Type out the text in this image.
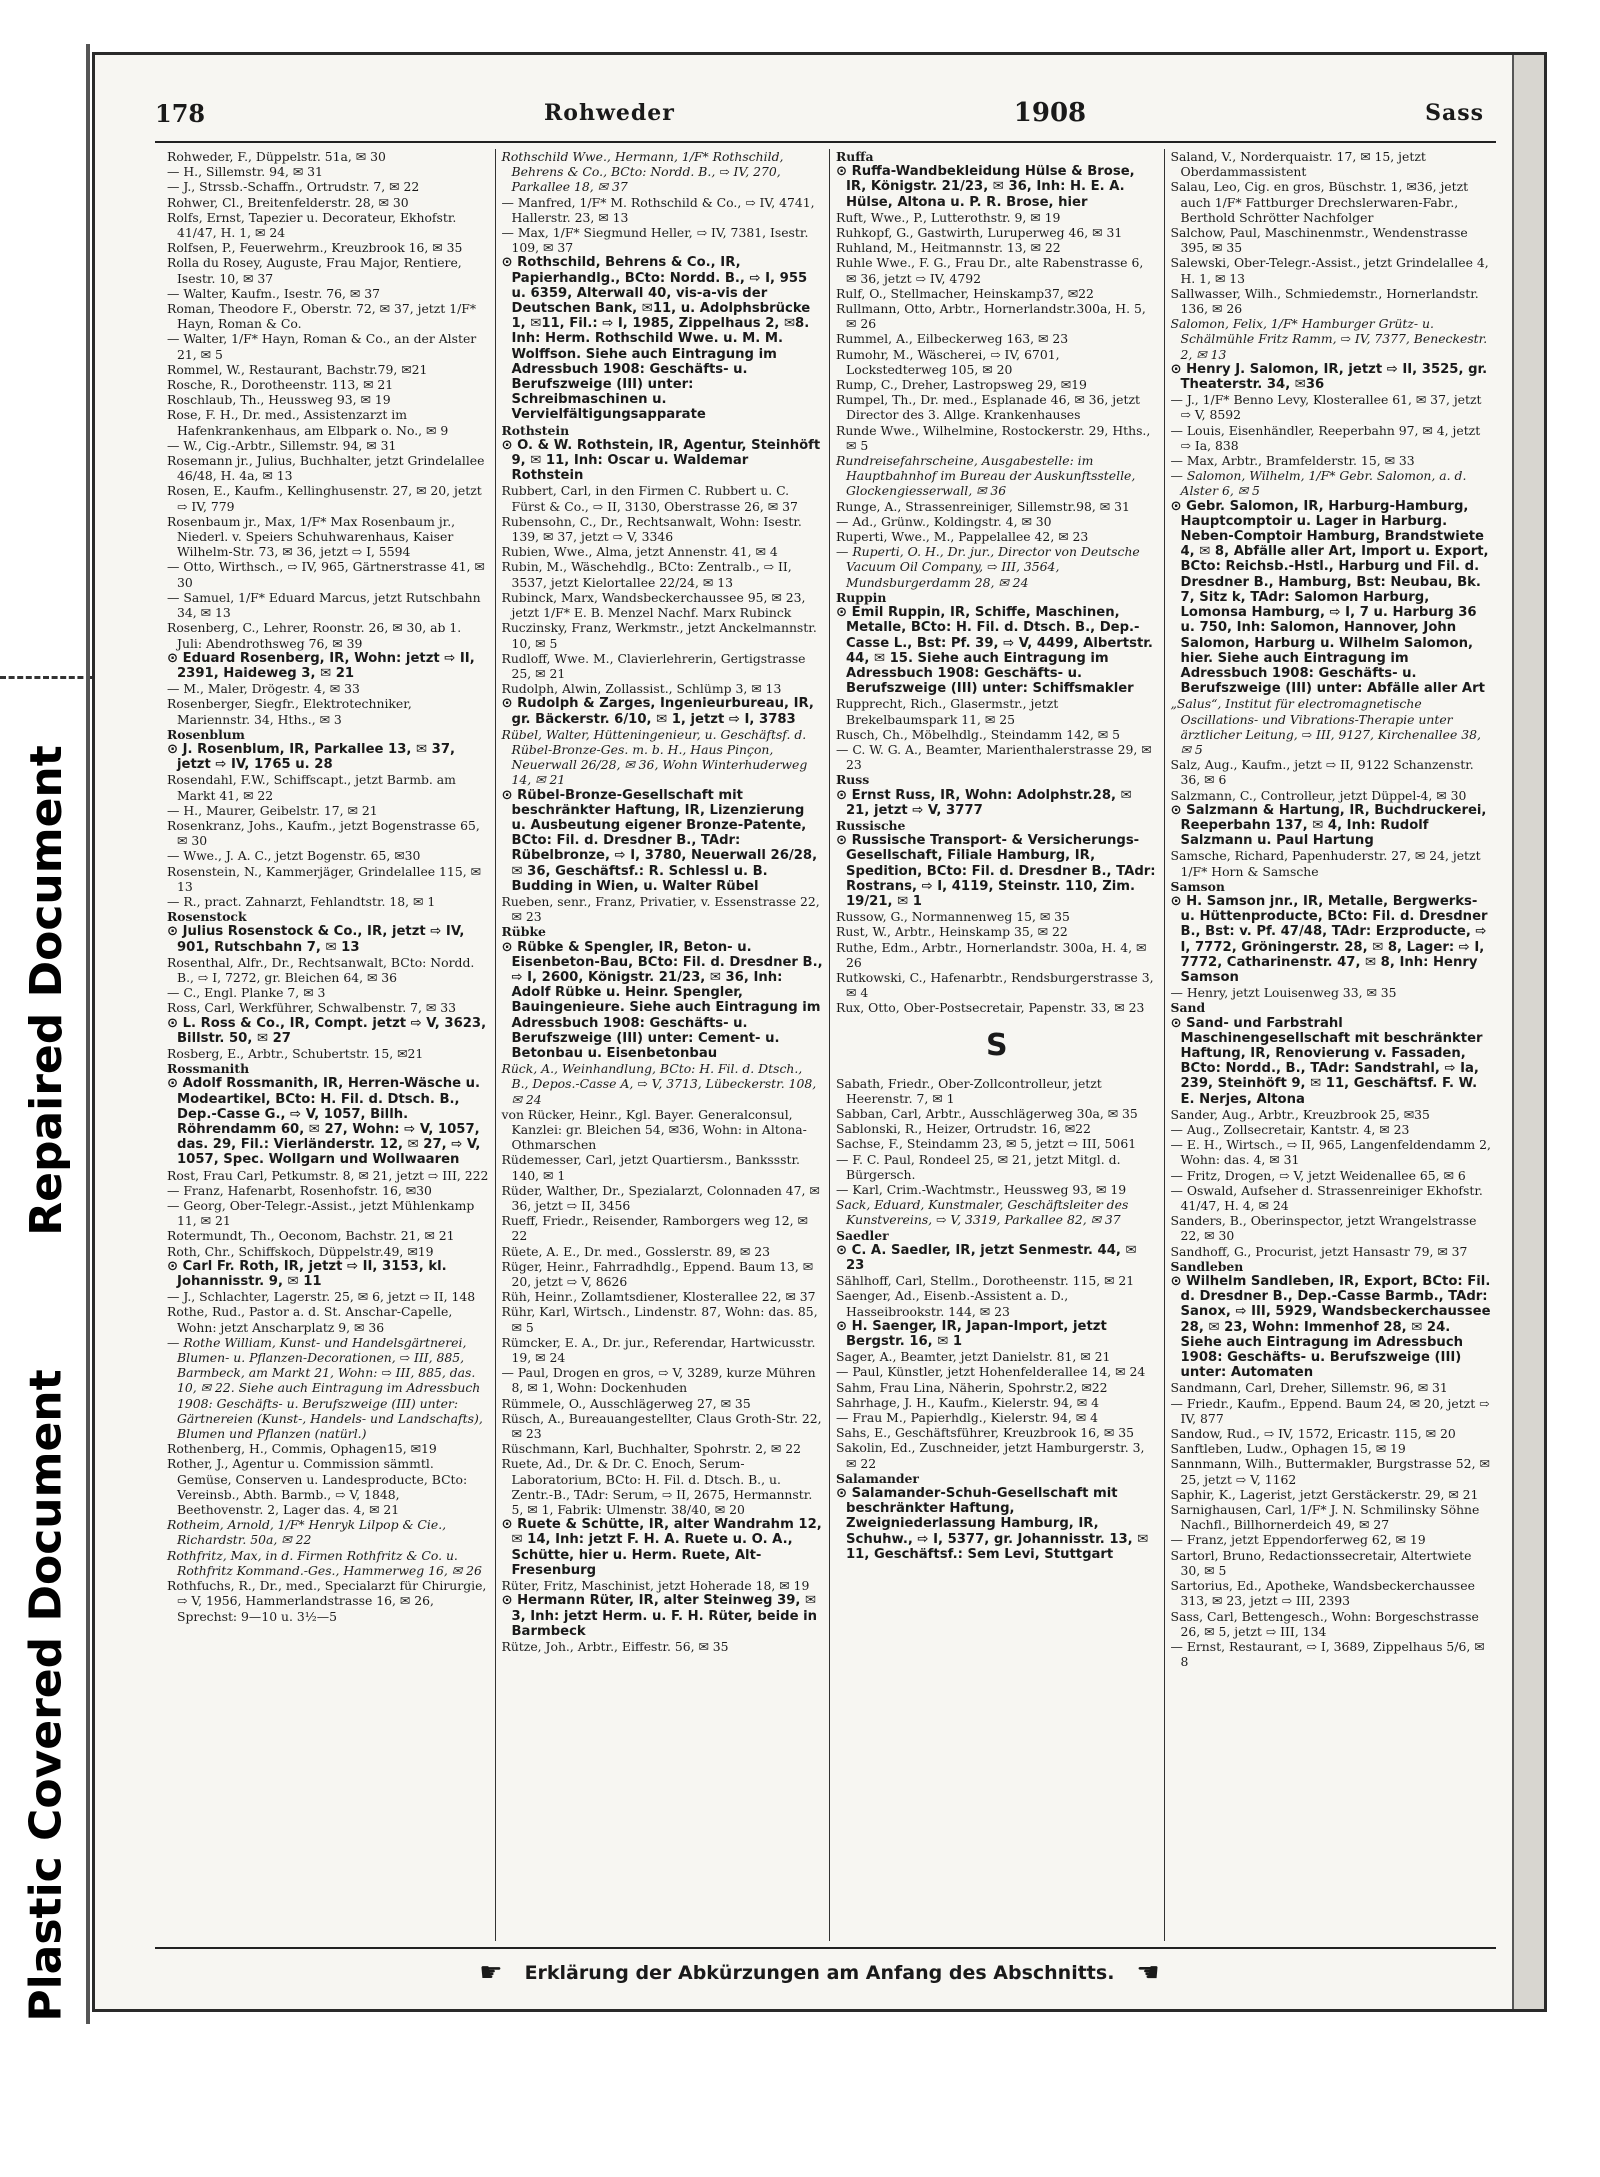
Repaired Document
Plastic Covered Document
178	Rohweder	1908	Sass

Rohweder, F., Düppelstr. 51a, ✉ 30

— H., Sillemstr. 94, ✉ 31

— J., Strssb.-Schaffn., Ortrudstr. 7, ✉ 22

Rohwer, Cl., Breitenfelderstr. 28, ✉ 30

Rolfs, Ernst, Tapezier u. Decorateur, Ekhofstr. 41/47, H. 1, ✉ 24

Rolfsen, P., Feuerwehrm., Kreuzbrook 16, ✉ 35

Rolla du Rosey, Auguste, Frau Major, Rentiere, Isestr. 10, ✉ 37

— Walter, Kaufm., Isestr. 76, ✉ 37

Roman, Theodore F., Oberstr. 72, ✉ 37, jetzt 1/F* Hayn, Roman & Co.

— Walter, 1/F* Hayn, Roman & Co., an der Alster 21, ✉ 5

Rommel, W., Restaurant, Bachstr.79, ✉21

Rosche, R., Dorotheenstr. 113, ✉ 21

Roschlaub, Th., Heussweg 93, ✉ 19

Rose, F. H., Dr. med., Assistenzarzt im Hafenkrankenhaus, am Elbpark o. No., ✉ 9

— W., Cig.-Arbtr., Sillemstr. 94, ✉ 31

Rosemann jr., Julius, Buchhalter, jetzt Grindelallee 46/48, H. 4a, ✉ 13

Rosen, E., Kaufm., Kellinghusenstr. 27, ✉ 20, jetzt ⇨ IV, 779

Rosenbaum jr., Max, 1/F* Max Rosenbaum jr., Niederl. v. Speiers Schuhwarenhaus, Kaiser Wilhelm-Str. 73, ✉ 36, jetzt ⇨ I, 5594

— Otto, Wirthsch., ⇨ IV, 965, Gärtnerstrasse 41, ✉ 30

— Samuel, 1/F* Eduard Marcus, jetzt Rutschbahn 34, ✉ 13

Rosenberg, C., Lehrer, Roonstr. 26, ✉ 30, ab 1. Juli: Abendrothsweg 76, ✉ 39

⊙ Eduard Rosenberg, IR, Wohn: jetzt ⇨ II, 2391, Haideweg 3, ✉ 21

— M., Maler, Drögestr. 4, ✉ 33

Rosenberger, Siegfr., Elektrotechniker, Mariennstr. 34, Hths., ✉ 3

Rosenblum

⊙ J. Rosenblum, IR, Parkallee 13, ✉ 37, jetzt ⇨ IV, 1765 u. 28

Rosendahl, F.W., Schiffscapt., jetzt Barmb. am Markt 41, ✉ 22

— H., Maurer, Geibelstr. 17, ✉ 21

Rosenkranz, Johs., Kaufm., jetzt Bogenstrasse 65, ✉ 30

— Wwe., J. A. C., jetzt Bogenstr. 65, ✉30

Rosenstein, N., Kammerjäger, Grindelallee 115, ✉ 13

— R., pract. Zahnarzt, Fehlandtstr. 18, ✉ 1

Rosenstock

⊙ Julius Rosenstock & Co., IR, jetzt ⇨ IV, 901, Rutschbahn 7, ✉ 13

Rosenthal, Alfr., Dr., Rechtsanwalt, BCto: Nordd. B., ⇨ I, 7272, gr. Bleichen 64, ✉ 36

— C., Engl. Planke 7, ✉ 3

Ross, Carl, Werkführer, Schwalbenstr. 7, ✉ 33

⊙ L. Ross & Co., IR, Compt. jetzt ⇨ V, 3623, Billstr. 50, ✉ 27

Rosberg, E., Arbtr., Schubertstr. 15, ✉21

Rossmanith

⊙ Adolf Rossmanith, IR, Herren-Wäsche u. Modeartikel, BCto: H. Fil. d. Dtsch. B., Dep.-Casse G., ⇨ V, 1057, Billh. Röhrendamm 60, ✉ 27, Wohn: ⇨ V, 1057, das. 29, Fil.: Vierländerstr. 12, ✉ 27, ⇨ V, 1057, Spec. Wollgarn und Wollwaaren

Rost, Frau Carl, Petkumstr. 8, ✉ 21, jetzt ⇨ III, 222

— Franz, Hafenarbt, Rosenhofstr. 16, ✉30

— Georg, Ober-Telegr.-Assist., jetzt Mühlenkamp 11, ✉ 21

Rotermundt, Th., Oeconom, Bachstr. 21, ✉ 21

Roth, Chr., Schiffskoch, Düppelstr.49, ✉19

⊙ Carl Fr. Roth, IR, jetzt ⇨ II, 3153, kl. Johannisstr. 9, ✉ 11

— J., Schlachter, Lagerstr. 25, ✉ 6, jetzt ⇨ II, 148

Rothe, Rud., Pastor a. d. St. Anschar-Capelle, Wohn: jetzt Anscharplatz 9, ✉ 36

— Rothe William, Kunst- und Handelsgärtnerei, Blumen- u. Pflanzen-Decorationen, ⇨ III, 885, Barmbeck, am Markt 21, Wohn: ⇨ III, 885, das. 10, ✉ 22. Siehe auch Eintragung im Adressbuch 1908: Geschäfts- u. Berufszweige (III) unter: Gärtnereien (Kunst-, Handels- und Landschafts), Blumen und Pflanzen (natürl.)

Rothenberg, H., Commis, Ophagen15, ✉19

Rother, J., Agentur u. Commission sämmtl. Gemüse, Conserven u. Landesproducte, BCto: Vereinsb., Abth. Barmb., ⇨ V, 1848, Beethovenstr. 2, Lager das. 4, ✉ 21

Rotheim, Arnold, 1/F* Henryk Lilpop & Cie., Richardstr. 50a, ✉ 22

Rothfritz, Max, in d. Firmen Rothfritz & Co. u. Rothfritz Kommand.-Ges., Hammerweg 16, ✉ 26

Rothfuchs, R., Dr., med., Specialarzt für Chirurgie, ⇨ V, 1956, Hammerlandstrasse 16, ✉ 26, Sprechst: 9—10 u. 3½—5

Rothschild Wwe., Hermann, 1/F* Rothschild, Behrens & Co., BCto: Nordd. B., ⇨ IV, 270, Parkallee 18, ✉ 37

— Manfred, 1/F* M. Rothschild & Co., ⇨ IV, 4741, Hallerstr. 23, ✉ 13

— Max, 1/F* Siegmund Heller, ⇨ IV, 7381, Isestr. 109, ✉ 37

⊙ Rothschild, Behrens & Co., IR, Papierhandlg., BCto: Nordd. B., ⇨ I, 955 u. 6359, Alterwall 40, vis-a-vis der Deutschen Bank, ✉11, u. Adolphsbrücke 1, ✉11, Fil.: ⇨ I, 1985, Zippelhaus 2, ✉8. Inh: Herm. Rothschild Wwe. u. M. M. Wolffson. Siehe auch Eintragung im Adressbuch 1908: Geschäfts- u. Berufszweige (III) unter: Schreibmaschinen u. Vervielfältigungsapparate

Rothstein

⊙ O. & W. Rothstein, IR, Agentur, Steinhöft 9, ✉ 11, Inh: Oscar u. Waldemar Rothstein

Rubbert, Carl, in den Firmen C. Rubbert u. C. Fürst & Co., ⇨ II, 3130, Oberstrasse 26, ✉ 37

Rubensohn, C., Dr., Rechtsanwalt, Wohn: Isestr. 139, ✉ 37, jetzt ⇨ V, 3346

Rubien, Wwe., Alma, jetzt Annenstr. 41, ✉ 4

Rubin, M., Wäschehdlg., BCto: Zentralb., ⇨ II, 3537, jetzt Kielortallee 22/24, ✉ 13

Rubinck, Marx, Wandsbeckerchaussee 95, ✉ 23, jetzt 1/F* E. B. Menzel Nachf. Marx Rubinck

Ruczinsky, Franz, Werkmstr., jetzt Anckelmannstr. 10, ✉ 5

Rudloff, Wwe. M., Clavierlehrerin, Gertigstrasse 25, ✉ 21

Rudolph, Alwin, Zollassist., Schlümp 3, ✉ 13

⊙ Rudolph & Zarges, Ingenieurbureau, IR, gr. Bäckerstr. 6/10, ✉ 1, jetzt ⇨ I, 3783

Rübel, Walter, Hütteningenieur, u. Geschäftsf. d. Rübel-Bronze-Ges. m. b. H., Haus Pinçon, Neuerwall 26/28, ✉ 36, Wohn Winterhuderweg 14, ✉ 21

⊙ Rübel-Bronze-Gesellschaft mit beschränkter Haftung, IR, Lizenzierung u. Ausbeutung eigener Bronze-Patente, BCto: Fil. d. Dresdner B., TAdr: Rübelbronze, ⇨ I, 3780, Neuerwall 26/28, ✉ 36, Geschäftsf.: R. Schlessl u. B. Budding in Wien, u. Walter Rübel

Rueben, senr., Franz, Privatier, v. Essenstrasse 22, ✉ 23

Rübke

⊙ Rübke & Spengler, IR, Beton- u. Eisenbeton-Bau, BCto: Fil. d. Dresdner B., ⇨ I, 2600, Königstr. 21/23, ✉ 36, Inh: Adolf Rübke u. Heinr. Spengler, Bauingenieure. Siehe auch Eintragung im Adressbuch 1908: Geschäfts- u. Berufszweige (III) unter: Cement- u. Betonbau u. Eisenbetonbau

Rück, A., Weinhandlung, BCto: H. Fil. d. Dtsch., B., Depos.-Casse A, ⇨ V, 3713, Lübeckerstr. 108, ✉ 24

von Rücker, Heinr., Kgl. Bayer. Generalconsul, Kanzlei: gr. Bleichen 54, ✉36, Wohn: in Altona-Othmarschen

Rüdemesser, Carl, jetzt Quartiersm., Bankssstr. 140, ✉ 1

Rüder, Walther, Dr., Spezialarzt, Colonnaden 47, ✉ 36, jetzt ⇨ II, 3456

Rueff, Friedr., Reisender, Ramborgers weg 12, ✉ 22

Rüete, A. E., Dr. med., Gosslerstr. 89, ✉ 23

Rüger, Heinr., Fahrradhdlg., Eppend. Baum 13, ✉ 20, jetzt ⇨ V, 8626

Rüh, Heinr., Zollamtsdiener, Klosterallee 22, ✉ 37

Rühr, Karl, Wirtsch., Lindenstr. 87, Wohn: das. 85, ✉ 5

Rümcker, E. A., Dr. jur., Referendar, Hartwicusstr. 19, ✉ 24

— Paul, Drogen en gros, ⇨ V, 3289, kurze Mühren 8, ✉ 1, Wohn: Dockenhuden

Rümmele, O., Ausschlägerweg 27, ✉ 35

Rüsch, A., Bureauangestellter, Claus Groth-Str. 22, ✉ 23

Rüschmann, Karl, Buchhalter, Spohrstr. 2, ✉ 22

Ruete, Ad., Dr. & Dr. C. Enoch, Serum-Laboratorium, BCto: H. Fil. d. Dtsch. B., u. Zentr.-B., TAdr: Serum, ⇨ II, 2675, Hermannstr. 5, ✉ 1, Fabrik: Ulmenstr. 38/40, ✉ 20

⊙ Ruete & Schütte, IR, alter Wandrahm 12, ✉ 14, Inh: jetzt F. H. A. Ruete u. O. A., Schütte, hier u. Herm. Ruete, Alt-Fresenburg

Rüter, Fritz, Maschinist, jetzt Hoherade 18, ✉ 19

⊙ Hermann Rüter, IR, alter Steinweg 39, ✉ 3, Inh: jetzt Herm. u. F. H. Rüter, beide in Barmbeck

Rütze, Joh., Arbtr., Eiffestr. 56, ✉ 35

Ruffa

⊙ Ruffa-Wandbekleidung Hülse & Brose, IR, Königstr. 21/23, ✉ 36, Inh: H. E. A. Hülse, Altona u. P. R. Brose, hier

Ruft, Wwe., P., Lutterothstr. 9, ✉ 19

Ruhkopf, G., Gastwirth, Luruperweg 46, ✉ 31

Ruhland, M., Heitmannstr. 13, ✉ 22

Ruhle Wwe., F. G., Frau Dr., alte Rabenstrasse 6, ✉ 36, jetzt ⇨ IV, 4792

Rulf, O., Stellmacher, Heinskamp37, ✉22

Rullmann, Otto, Arbtr., Hornerlandstr.300a, H. 5, ✉ 26

Rummel, A., Eilbeckerweg 163, ✉ 23

Rumohr, M., Wäscherei, ⇨ IV, 6701, Lockstedterweg 105, ✉ 20

Rump, C., Dreher, Lastropsweg 29, ✉19

Rumpel, Th., Dr. med., Esplanade 46, ✉ 36, jetzt Director des 3. Allge. Krankenhauses

Runde Wwe., Wilhelmine, Rostockerstr. 29, Hths., ✉ 5

Rundreisefahrscheine, Ausgabestelle: im Hauptbahnhof im Bureau der Auskunftsstelle, Glockengiesserwall, ✉ 36

Runge, A., Strassenreiniger, Sillemstr.98, ✉ 31

— Ad., Grünw., Koldingstr. 4, ✉ 30

Ruperti, Wwe., M., Pappelallee 42, ✉ 23

— Ruperti, O. H., Dr. jur., Director von Deutsche Vacuum Oil Company, ⇨ III, 3564, Mundsburgerdamm 28, ✉ 24

Ruppin

⊙ Emil Ruppin, IR, Schiffe, Maschinen, Metalle, BCto: H. Fil. d. Dtsch. B., Dep.-Casse L., Bst: Pf. 39, ⇨ V, 4499, Albertstr. 44, ✉ 15. Siehe auch Eintragung im Adressbuch 1908: Geschäfts- u. Berufszweige (III) unter: Schiffsmakler

Rupprecht, Rich., Glasermstr., jetzt Brekelbaumspark 11, ✉ 25

Rusch, Ch., Möbelhdlg., Steindamm 142, ✉ 5

— C. W. G. A., Beamter, Marienthalerstrasse 29, ✉ 23

Russ

⊙ Ernst Russ, IR, Wohn: Adolphstr.28, ✉ 21, jetzt ⇨ V, 3777

Russische

⊙ Russische Transport- & Versicherungs-Gesellschaft, Filiale Hamburg, IR, Spedition, BCto: Fil. d. Dresdner B., TAdr: Rostrans, ⇨ I, 4119, Steinstr. 110, Zim. 19/21, ✉ 1

Russow, G., Normannenweg 15, ✉ 35

Rust, W., Arbtr., Heinskamp 35, ✉ 22

Ruthe, Edm., Arbtr., Hornerlandstr. 300a, H. 4, ✉ 26

Rutkowski, C., Hafenarbtr., Rendsburgerstrasse 3, ✉ 4

Rux, Otto, Ober-Postsecretair, Papenstr. 33, ✉ 23

S

Sabath, Friedr., Ober-Zollcontrolleur, jetzt Heerenstr. 7, ✉ 1

Sabban, Carl, Arbtr., Ausschlägerweg 30a, ✉ 35

Sablonski, R., Heizer, Ortrudstr. 16, ✉22

Sachse, F., Steindamm 23, ✉ 5, jetzt ⇨ III, 5061

— F. C. Paul, Rondeel 25, ✉ 21, jetzt Mitgl. d. Bürgersch.

— Karl, Crim.-Wachtmstr., Heussweg 93, ✉ 19

Sack, Eduard, Kunstmaler, Geschäftsleiter des Kunstvereins, ⇨ V, 3319, Parkallee 82, ✉ 37

Saedler

⊙ C. A. Saedler, IR, jetzt Senmestr. 44, ✉ 23

Sählhoff, Carl, Stellm., Dorotheenstr. 115, ✉ 21

Saenger, Ad., Eisenb.-Assistent a. D., Hasseibrookstr. 144, ✉ 23

⊙ H. Saenger, IR, Japan-Import, jetzt Bergstr. 16, ✉ 1

Sager, A., Beamter, jetzt Danielstr. 81, ✉ 21

— Paul, Künstler, jetzt Hohenfelderallee 14, ✉ 24

Sahm, Frau Lina, Näherin, Spohrstr.2, ✉22

Sahrhage, J. H., Kaufm., Kielerstr. 94, ✉ 4

— Frau M., Papierhdlg., Kielerstr. 94, ✉ 4

Sahs, E., Geschäftsführer, Kreuzbrook 16, ✉ 35

Sakolin, Ed., Zuschneider, jetzt Hamburgerstr. 3, ✉ 22

Salamander

⊙ Salamander-Schuh-Gesellschaft mit beschränkter Haftung, Zweigniederlassung Hamburg, IR, Schuhw., ⇨ I, 5377, gr. Johannisstr. 13, ✉ 11, Geschäftsf.: Sem Levi, Stuttgart

Saland, V., Norderquaistr. 17, ✉ 15, jetzt Oberdammassistent

Salau, Leo, Cig. en gros, Büschstr. 1, ✉36, jetzt auch 1/F* Fattburger Drechslerwaren-Fabr., Berthold Schrötter Nachfolger

Salchow, Paul, Maschinenmstr., Wendenstrasse 395, ✉ 35

Salewski, Ober-Telegr.-Assist., jetzt Grindelallee 4, H. 1, ✉ 13

Sallwasser, Wilh., Schmiedemstr., Hornerlandstr. 136, ✉ 26

Salomon, Felix, 1/F* Hamburger Grütz- u. Schälmühle Fritz Ramm, ⇨ IV, 7377, Beneckestr. 2, ✉ 13

⊙ Henry J. Salomon, IR, jetzt ⇨ II, 3525, gr. Theaterstr. 34, ✉36

— J., 1/F* Benno Levy, Klosterallee 61, ✉ 37, jetzt ⇨ V, 8592

— Louis, Eisenhändler, Reeperbahn 97, ✉ 4, jetzt ⇨ Ia, 838

— Max, Arbtr., Bramfelderstr. 15, ✉ 33

— Salomon, Wilhelm, 1/F* Gebr. Salomon, a. d. Alster 6, ✉ 5

⊙ Gebr. Salomon, IR, Harburg-Hamburg, Hauptcomptoir u. Lager in Harburg. Neben-Comptoir Hamburg, Brandstwiete 4, ✉ 8, Abfälle aller Art, Import u. Export, BCto: Reichsb.-Hstl., Harburg und Fil. d. Dresdner B., Hamburg, Bst: Neubau, Bk. 7, Sitz k, TAdr: Salomon Harburg, Lomonsa Hamburg, ⇨ I, 7 u. Harburg 36 u. 750, Inh: Salomon, Hannover, John Salomon, Harburg u. Wilhelm Salomon, hier. Siehe auch Eintragung im Adressbuch 1908: Geschäfts- u. Berufszweige (III) unter: Abfälle aller Art

„Salus“, Institut für electromagnetische Oscillations- und Vibrations-Therapie unter ärztlicher Leitung, ⇨ III, 9127, Kirchenallee 38, ✉ 5

Salz, Aug., Kaufm., jetzt ⇨ II, 9122 Schanzenstr. 36, ✉ 6

Salzmann, C., Controlleur, jetzt Düppel-4, ✉ 30

⊙ Salzmann & Hartung, IR, Buchdruckerei, Reeperbahn 137, ✉ 4, Inh: Rudolf Salzmann u. Paul Hartung

Samsche, Richard, Papenhuderstr. 27, ✉ 24, jetzt 1/F* Horn & Samsche

Samson

⊙ H. Samson jnr., IR, Metalle, Bergwerks- u. Hüttenproducte, BCto: Fil. d. Dresdner B., Bst: v. Pf. 47/48, TAdr: Erzproducte, ⇨ I, 7772, Gröningerstr. 28, ✉ 8, Lager: ⇨ I, 7772, Catharinenstr. 47, ✉ 8, Inh: Henry Samson

— Henry, jetzt Louisenweg 33, ✉ 35

Sand

⊙ Sand- und Farbstrahl Maschinengesellschaft mit beschränkter Haftung, IR, Renovierung v. Fassaden, BCto: Nordd., B., TAdr: Sandstrahl, ⇨ Ia, 239, Steinhöft 9, ✉ 11, Geschäftsf. F. W. E. Nerjes, Altona

Sander, Aug., Arbtr., Kreuzbrook 25, ✉35

— Aug., Zollsecretair, Kantstr. 4, ✉ 23

— E. H., Wirtsch., ⇨ II, 965, Langenfeldendamm 2, Wohn: das. 4, ✉ 31

— Fritz, Drogen, ⇨ V, jetzt Weidenallee 65, ✉ 6

— Oswald, Aufseher d. Strassenreiniger Ekhofstr. 41/47, H. 4, ✉ 24

Sanders, B., Oberinspector, jetzt Wrangelstrasse 22, ✉ 30

Sandhoff, G., Procurist, jetzt Hansastr 79, ✉ 37

Sandleben

⊙ Wilhelm Sandleben, IR, Export, BCto: Fil. d. Dresdner B., Dep.-Casse Barmb., TAdr: Sanox, ⇨ III, 5929, Wandsbeckerchaussee 28, ✉ 23, Wohn: Immenhof 28, ✉ 24. Siehe auch Eintragung im Adressbuch 1908: Geschäfts- u. Berufszweige (III) unter: Automaten

Sandmann, Carl, Dreher, Sillemstr. 96, ✉ 31

— Friedr., Kaufm., Eppend. Baum 24, ✉ 20, jetzt ⇨ IV, 877

Sandow, Rud., ⇨ IV, 1572, Ericastr. 115, ✉ 20

Sanftleben, Ludw., Ophagen 15, ✉ 19

Sannmann, Wilh., Buttermakler, Burgstrasse 52, ✉ 25, jetzt ⇨ V, 1162

Saphir, K., Lagerist, jetzt Gerstäckerstr. 29, ✉ 21

Sarnighausen, Carl, 1/F* J. N. Schmilinsky Söhne Nachfl., Billhornerdeich 49, ✉ 27

— Franz, jetzt Eppendorferweg 62, ✉ 19

Sartorl, Bruno, Redactionssecretair, Altertwiete 30, ✉ 5

Sartorius, Ed., Apotheke, Wandsbeckerchaussee 313, ✉ 23, jetzt ⇨ III, 2393

Sass, Carl, Bettengesch., Wohn: Borgeschstrasse 26, ✉ 5, jetzt ⇨ III, 134

— Ernst, Restaurant, ⇨ I, 3689, Zippelhaus 5/6, ✉ 8

☛ Erklärung der Abkürzungen am Anfang des Abschnitts. ☚
